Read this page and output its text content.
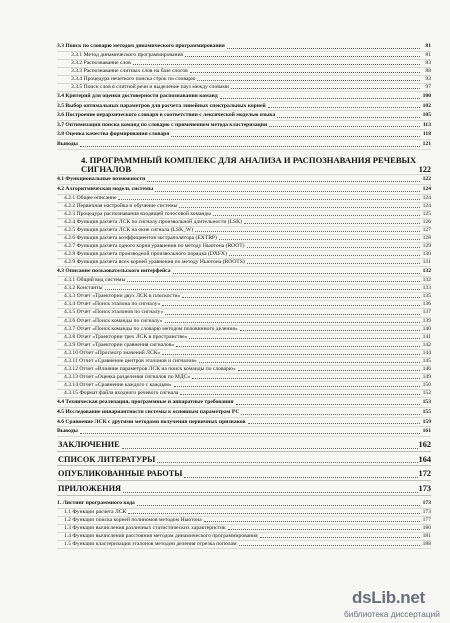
3.3 Поиск по словарю методом динамического программирования	81
3.3.1 Метод динамического программирования	81
3.3.2 Распознавание слов	83
3.3.3 Распознавание слитных слов на базе слогов	88
3.3.4 Процедура нечеткого поиска строк по словарю	93
3.3.5 Поиск слов в слитной речи и выделение пауз между словами	97
3.4 Критерий для оценки достоверности распознавания команд	100
3.5 Выбор оптимальных параметров для расчета линейных спектральных корней	102
3.6 Построение иерархического словаря в соответствии с лексической моделью языка	105
3.7 Оптимизация поиска команд по словарю с применением метода кластеризации	113
3.8 Оценка качества формирования словаря	118
Выводы	121
4. ПРОГРАММНЫЙ КОМПЛЕКС ДЛЯ АНАЛИЗА И РАСПОЗНАВАНИЯ РЕЧЕВЫХ СИГНАЛОВ	122
4.1 Функциональные возможности	122
4.2 Алгоритмическая модель системы	124
4.2.1 Общее описание	124
4.2.2 Первичная настройка и обучение системы	124
4.2.3 Процедура распознавания входящей голосовой команды	125
4.2.4 Функция расчета ЛСК по сигналу произвольной длительности (LSK)	126
4.2.5 Функция расчета ЛСК на окне сигнала (LSK_W)	127
4.2.6 Функция расчета коэффициентов экстраполятора (EXTRP)	128
4.2.7 Функция расчета одного корня уравнения по методу Ньютона (ROOT)	129
4.2.8 Функция расчета производной произвольного порядка (DXFX)	130
4.2.9 Функция расчета всех корней уравнения по методу Ньютона (ROOTS)	131
4.3 Описание пользовательского интерфейса	132
4.3.1 Общий вид системы	132
4.3.2 Константы	133
4.3.3 Отчет «Траектории двух ЛСК в плоскости»	135
4.3.4 Отчет «Поиск эталона по сигналу»	136
4.3.5 Отчет «Поиск эталонов по сигналу»	137
4.3.6 Отчет «Поиск команды по сигналу»	139
4.3.7 Отчет «Поиск команды по словарю методом половинного деления»	140
4.3.8 Отчет «Траектории трех ЛСК в пространстве»	141
4.3.9 Отчет «Траектории сравнения сигналов»	142
4.3.10 Отчет «Просмотр значений ЛСК»	144
4.3.11 Отчет «Сравнение центров эталонов и сигналов»	145
4.3.12 Отчет «Влияние параметров ЛСК на поиск команды по словарю»	146
4.3.13 Отчет «Оценка разделения сигналов по МДС»	149
4.3.14 Отчет «Сравнение каждого с каждым»	150
4.3.15 Формат файла входного речевого сигнала	152
4.4 Техническая реализация, программные и аппаратные требования	153
4.5 Исследование инвариантности системы к основным параметрам РС	155
4.6 Сравнение ЛСК с другими методами получения первичных признаков	159
Выводы	161
ЗАКЛЮЧЕНИЕ	162
СПИСОК ЛИТЕРАТУРЫ	164
ОПУБЛИКОВАННЫЕ РАБОТЫ	172
ПРИЛОЖЕНИЯ	173
1. Листинг программного кода	173
1.1 Функции расчета ЛСК	173
1.2 Функции поиска корней полиномов методом Ньютона	177
1.3 Функции вычисления различных статистических характеристик	180
1.4 Функции вычисления расстояния методом динамического программирования	181
1.5 Функции кластеризации эталонов методом деления отрезка пополам	188
dsLib.net
библиотека диссертаций
